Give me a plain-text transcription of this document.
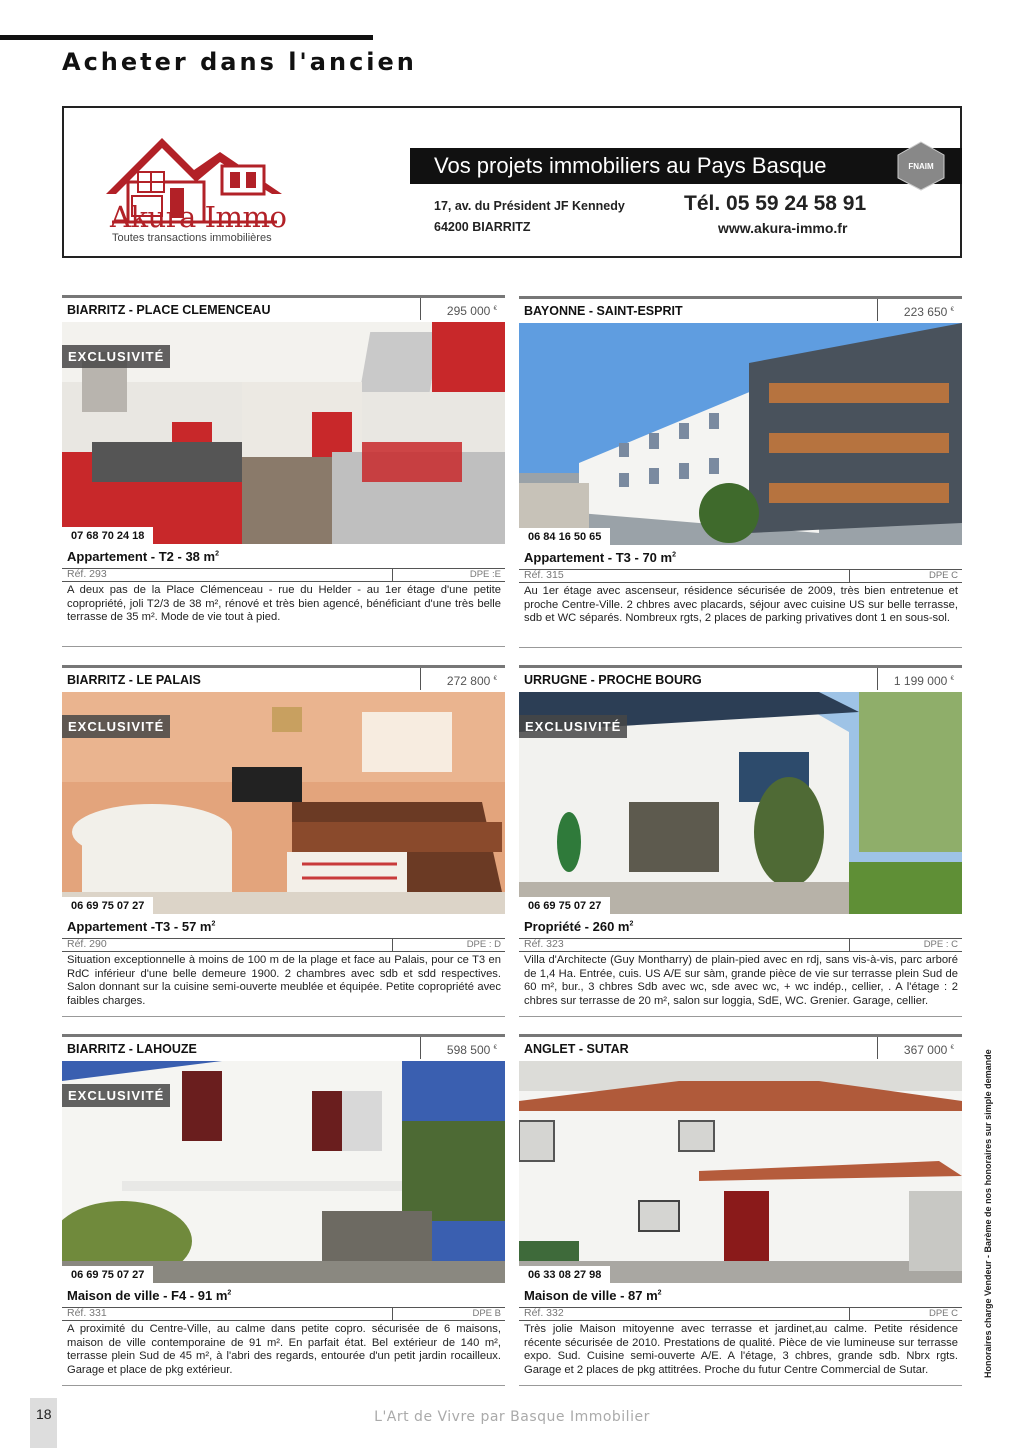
Acheter dans l'ancien
Akura Immo
Toutes transactions immobilières
Vos projets immobiliers au Pays Basque	FNAIM
17, av. du Président JF Kennedy
64200 BIARRITZ
Tél. 05 59 24 58 91
www.akura-immo.fr
BIARRITZ - PLACE CLEMENCEAU	295 000 €
EXCLUSIVITÉ
07 68 70 24 18
Appartement - T2 - 38 $m^2$
Réf. 293	DPE :E
A deux pas de la Place Clémenceau - rue du Helder - au 1er étage d'une petite copropriété, joli T2/3 de 38 m², rénové et très bien agencé, bénéficiant d'une très belle terrasse de 35 m². Mode de vie tout à pied.
BAYONNE - SAINT-ESPRIT	223 650 €
06 84 16 50 65
Appartement - T3 - 70 $m^2$
Réf. 315	DPE C
Au 1er étage avec ascenseur, résidence sécurisée de 2009, très bien entretenue et proche Centre-Ville. 2 chbres avec placards, séjour avec cuisine US sur belle terrasse, sdb et WC séparés. Nombreux rgts, 2 places de parking privatives dont 1 en sous-sol.
BIARRITZ - LE PALAIS	272 800 €
EXCLUSIVITÉ
06 69 75 07 27
Appartement -T3 - 57 $m^2$
Réf. 290	DPE : D
Situation exceptionnelle à moins de 100 m de la plage et face au Palais, pour ce T3 en RdC inférieur d'une belle demeure 1900. 2 chambres avec sdb et sdd respectives. Salon donnant sur la cuisine semi-ouverte meublée et équipée. Petite copropriété avec faibles charges.
URRUGNE - PROCHE BOURG	1 199 000 €
EXCLUSIVITÉ
06 69 75 07 27
Propriété - 260 $m^2$
Réf. 323	DPE : C
Villa d'Architecte (Guy Montharry) de plain-pied avec en rdj, sans vis-à-vis, parc arboré de 1,4 Ha. Entrée, cuis. US A/E sur sàm, grande pièce de vie sur terrasse plein Sud de 60 m², bur., 3 chbres Sdb avec wc, sde avec wc, + wc indép., cellier, . A l'étage : 2 chbres sur terrasse de 20 m², salon sur loggia, SdE, WC. Grenier. Garage, cellier.
BIARRITZ - LAHOUZE	598 500 €
EXCLUSIVITÉ
06 69 75 07 27
Maison de ville - F4 - 91 $m^2$
Réf. 331	DPE B
A proximité du Centre-Ville, au calme dans petite copro. sécurisée de 6 maisons, maison de ville contemporaine de 91 m². En parfait état. Bel extérieur de 140 m², terrasse plein Sud de 45 m², à l'abri des regards, entourée d'un petit jardin rocailleux. Garage et place de pkg extérieur.
ANGLET - SUTAR	367 000 €
06 33 08 27 98
Maison de ville - 87 $m^2$
Réf. 332	DPE C
Très jolie Maison mitoyenne avec terrasse et jardinet,au calme. Petite résidence récente sécurisée de 2010. Prestations de qualité. Pièce de vie lumineuse sur terrasse expo. Sud. Cuisine semi-ouverte A/E. A l'étage, 3 chbres, grande sdb. Nbrx rgts. Garage et 2 places de pkg attitrées. Proche du futur Centre Commercial de Sutar.	Honoraires charge Vendeur - Barème de nos honoraires sur simple demande
18	L'Art de Vivre par Basque Immobilier
